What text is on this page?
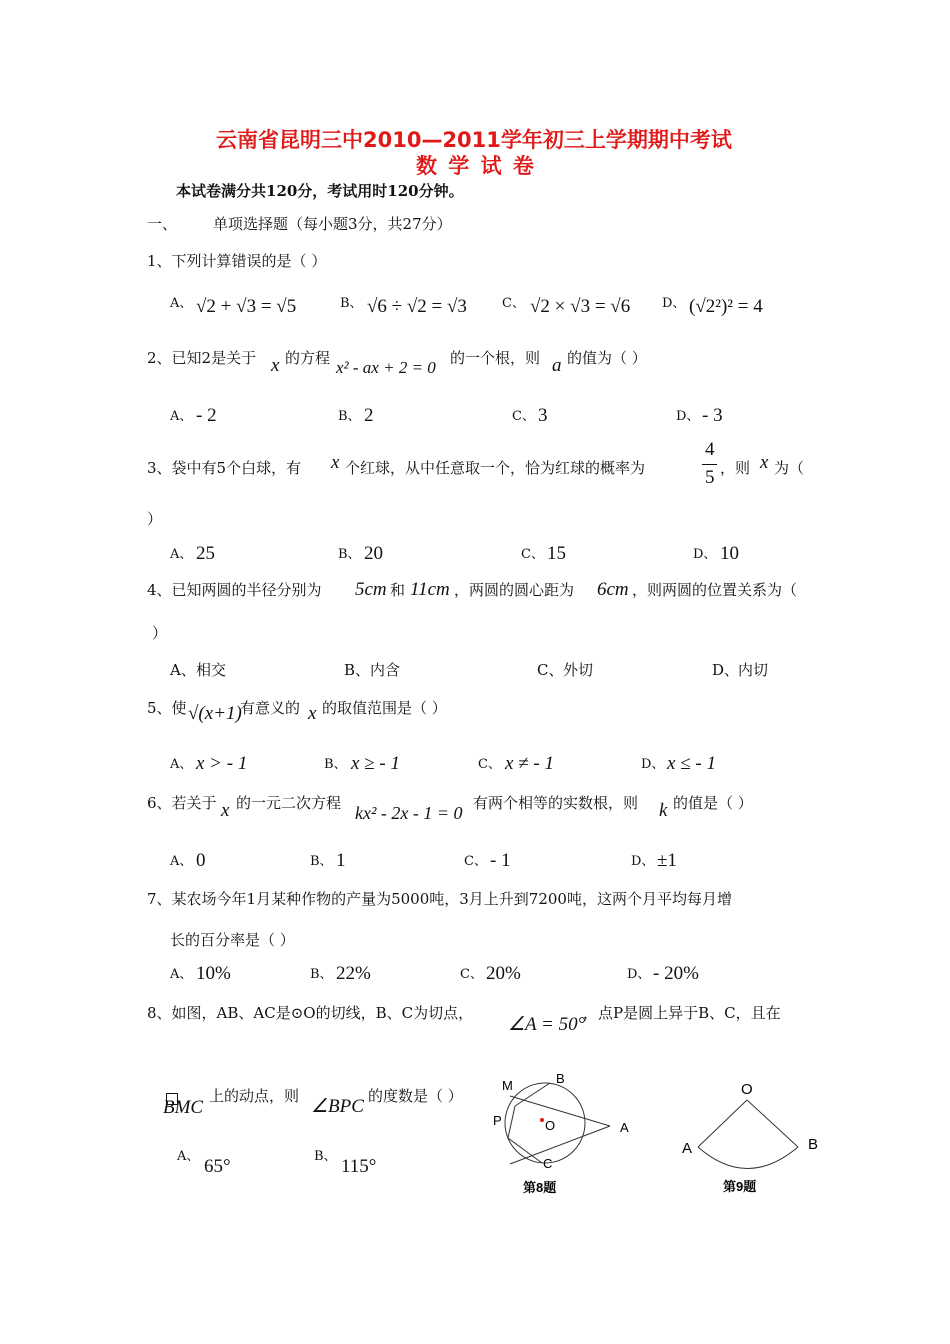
云南省昆明三中2010—2011学年初三上学期期中考试
数 学 试 卷
本试卷满分共120分，考试用时120分钟。
一、 单项选择题（每小题3分，共27分）
1、下列计算错误的是（ ）
A、 √2 + √3 = √5	B、 √6 ÷ √2 = √3	C、 √2 × √3 = √6 D、 (√2²)² = 4
2、已知2是关于 x 的方程 x² - ax + 2 = 0 的一个根，则 a 的值为（ ）
A、 - 2	B、 2	C、 3	D、 - 3
3、袋中有5个白球，有 x 个红球，从中任意取一个，恰为红球的概率为
4
5 ，则 x 为（
）
A、 25	B、 20	C、 15	D、 10
4、已知两圆的半径分别为 5cm 和 11cm ，两圆的圆心距为 6cm ，则两圆的位置关系为（
）
A、 相交	B、 内含	C、 外切	D、
内切
5、使 √(x+1)
有意义的 x 的取值范围是（ ）
A、 x > - 1	B、 x ≥ - 1	C、 x ≠ - 1	D、 x ≤ - 1
6、若关于 x 的一元二次方程 kx² - 2x - 1 = 0 有两个相等的实数根，则 k 的值是（ ）
A、 0	B、 1	C、 - 1	D、 ±1
7、某农场今年1月某种作物的产量为5000吨，3月上升到7200吨，这两个月平均每月增
长的百分率是（ ）
A、 10%	B、 22%	C、 20%	D、 - 20%
8、如图，AB、AC是⊙O的切线，B、C为切点，
∠A = 50°
，点P是圆上异于B、C，且在
BMC
上的动点，则 ∠BPC 的度数是（ ）
A、 65°	B、 115°
M	B
P	O	A
C
第8题
O
A	B
第9题
